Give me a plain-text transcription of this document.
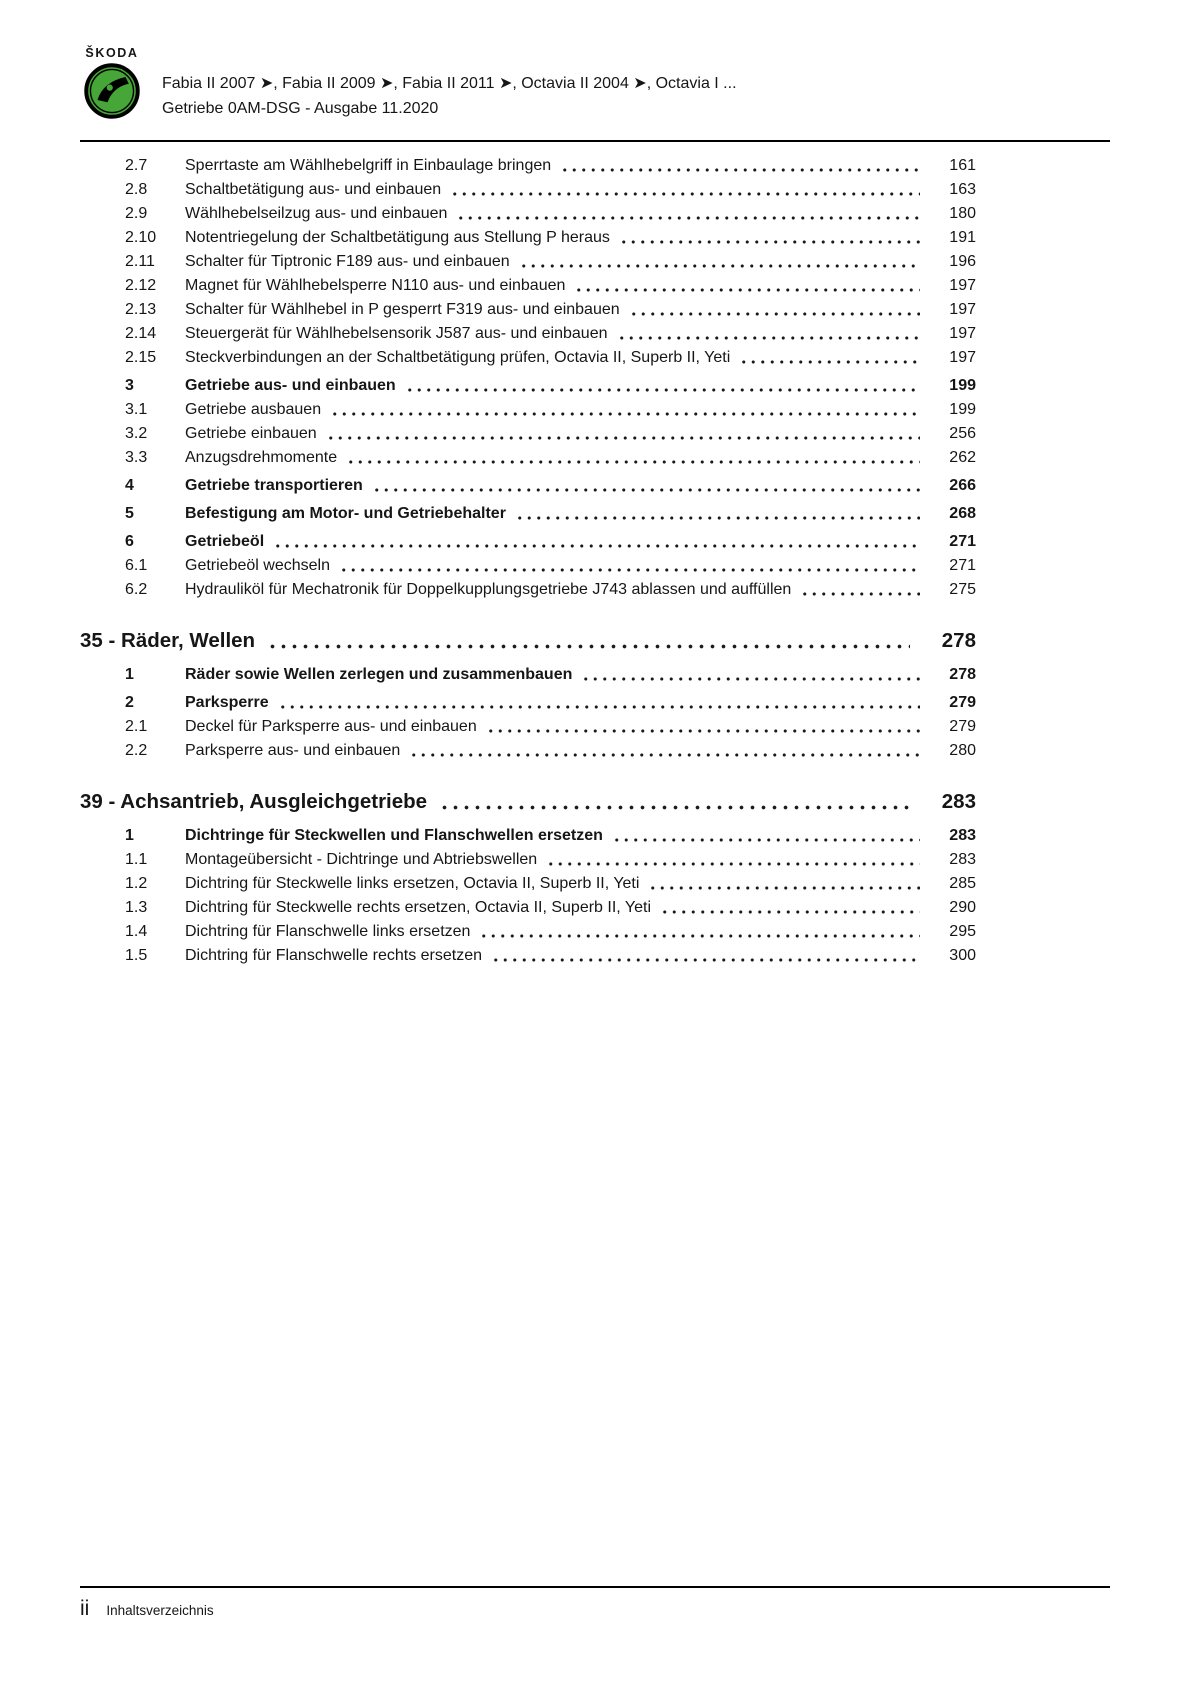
ŠKODA
Fabia II 2007 ➤, Fabia II 2009 ➤, Fabia II 2011 ➤, Octavia II 2004 ➤, Octavia I ...
Getriebe 0AM-DSG - Ausgabe 11.2020
2.7	Sperrtaste am Wählhebelgriff in Einbaulage bringen	161
2.8	Schaltbetätigung aus- und einbauen	163
2.9	Wählhebelseilzug aus- und einbauen	180
2.10	Notentriegelung der Schaltbetätigung aus Stellung P heraus	191
2.11	Schalter für Tiptronic F189 aus- und einbauen	196
2.12	Magnet für Wählhebelsperre N110 aus- und einbauen	197
2.13	Schalter für Wählhebel in P gesperrt F319 aus- und einbauen	197
2.14	Steuergerät für Wählhebelsensorik J587 aus- und einbauen	197
2.15	Steckverbindungen an der Schaltbetätigung prüfen, Octavia II, Superb II, Yeti	197
3	Getriebe aus- und einbauen	199
3.1	Getriebe ausbauen	199
3.2	Getriebe einbauen	256
3.3	Anzugsdrehmomente	262
4	Getriebe transportieren	266
5	Befestigung am Motor- und Getriebehalter	268
6	Getriebeöl	271
6.1	Getriebeöl wechseln	271
6.2	Hydrauliköl für Mechatronik für Doppelkupplungsgetriebe J743 ablassen und auffüllen	275
35 - Räder, Wellen	278
1	Räder sowie Wellen zerlegen und zusammenbauen	278
2	Parksperre	279
2.1	Deckel für Parksperre aus- und einbauen	279
2.2	Parksperre aus- und einbauen	280
39 - Achsantrieb, Ausgleichgetriebe	283
1	Dichtringe für Steckwellen und Flanschwellen ersetzen	283
1.1	Montageübersicht - Dichtringe und Abtriebswellen	283
1.2	Dichtring für Steckwelle links ersetzen, Octavia II, Superb II, Yeti	285
1.3	Dichtring für Steckwelle rechts ersetzen, Octavia II, Superb II, Yeti	290
1.4	Dichtring für Flanschwelle links ersetzen	295
1.5	Dichtring für Flanschwelle rechts ersetzen	300
ii Inhaltsverzeichnis
